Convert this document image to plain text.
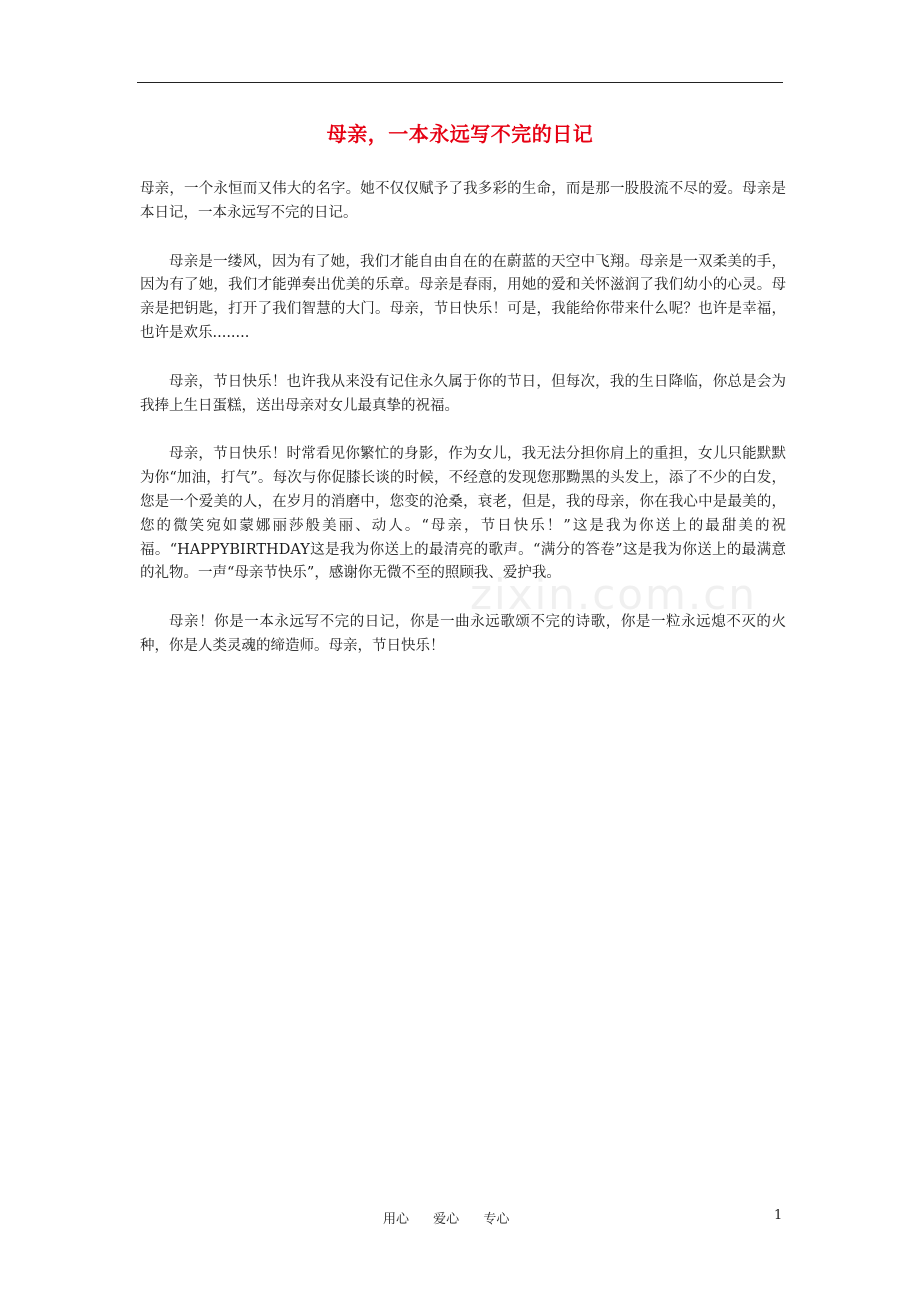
母亲，一本永远写不完的日记

母亲，一个永恒而又伟大的名字。她不仅仅赋予了我多彩的生命，而是那一股股流不尽的爱。母亲是本日记，一本永远写不完的日记。

母亲是一缕风，因为有了她，我们才能自由自在的在蔚蓝的天空中飞翔。母亲是一双柔美的手，因为有了她，我们才能弹奏出优美的乐章。母亲是春雨，用她的爱和关怀滋润了我们幼小的心灵。母亲是把钥匙，打开了我们智慧的大门。母亲，节日快乐！可是，我能给你带来什么呢？也许是幸福，也许是欢乐........

母亲，节日快乐！也许我从来没有记住永久属于你的节日，但每次，我的生日降临，你总是会为我捧上生日蛋糕，送出母亲对女儿最真挚的祝福。

母亲，节日快乐！时常看见你繁忙的身影，作为女儿，我无法分担你肩上的重担，女儿只能默默为你“加油，打气”。每次与你促膝长谈的时候，不经意的发现您那黝黑的头发上，添了不少的白发，您是一个爱美的人，在岁月的消磨中，您变的沧桑，衰老，但是，我的母亲，你在我心中是最美的，您的微笑宛如蒙娜丽莎般美丽、动人。“母亲，节日快乐！”这是我为你送上的最甜美的祝福。“HAPPYBIRTHDAY这是我为你送上的最清亮的歌声。“满分的答卷”这是我为你送上的最满意的礼物。一声“母亲节快乐”，感谢你无微不至的照顾我、爱护我。

母亲！你是一本永远写不完的日记，你是一曲永远歌颂不完的诗歌，你是一粒永远熄不灭的火种，你是人类灵魂的缔造师。母亲，节日快乐！

zixin.com.cn
用心 爱心 专心	1
